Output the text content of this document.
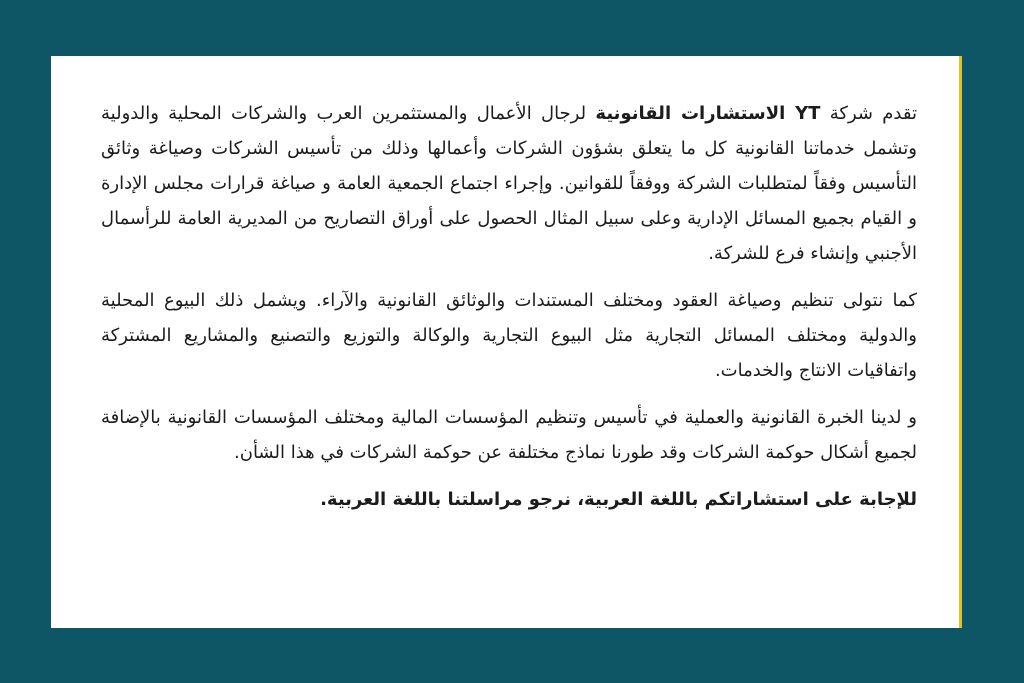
تقدم شركة YT الاستشارات القانونية لرجال الأعمال والمستثمرين العرب والشركات المحلية والدولية وتشمل خدماتنا القانونية كل ما يتعلق بشؤون الشركات وأعمالها وذلك من تأسيس الشركات وصياغة وثائق التأسيس وفقاً لمتطلبات الشركة ووفقاً للقوانين. وإجراء اجتماع الجمعية العامة و صياغة قرارات مجلس الإدارة و القيام بجميع المسائل الإدارية وعلى سبيل المثال الحصول على أوراق التصاريح من المديرية العامة للرأسمال الأجنبي وإنشاء فرع للشركة.

كما نتولى تنظيم وصياغة العقود ومختلف المستندات والوثائق القانونية والآراء. ويشمل ذلك البيوع المحلية والدولية ومختلف المسائل التجارية مثل البيوع التجارية والوكالة والتوزيع والتصنيع والمشاريع المشتركة واتفاقيات الانتاج والخدمات.

و لدينا الخبرة القانونية والعملية في تأسيس وتنظيم المؤسسات المالية ومختلف المؤسسات القانونية بالإضافة لجميع أشكال حوكمة الشركات وقد طورنا نماذج مختلفة عن حوكمة الشركات في هذا الشأن.

للإجابة على استشاراتكم باللغة العربية، نرجو مراسلتنا باللغة العربية.
